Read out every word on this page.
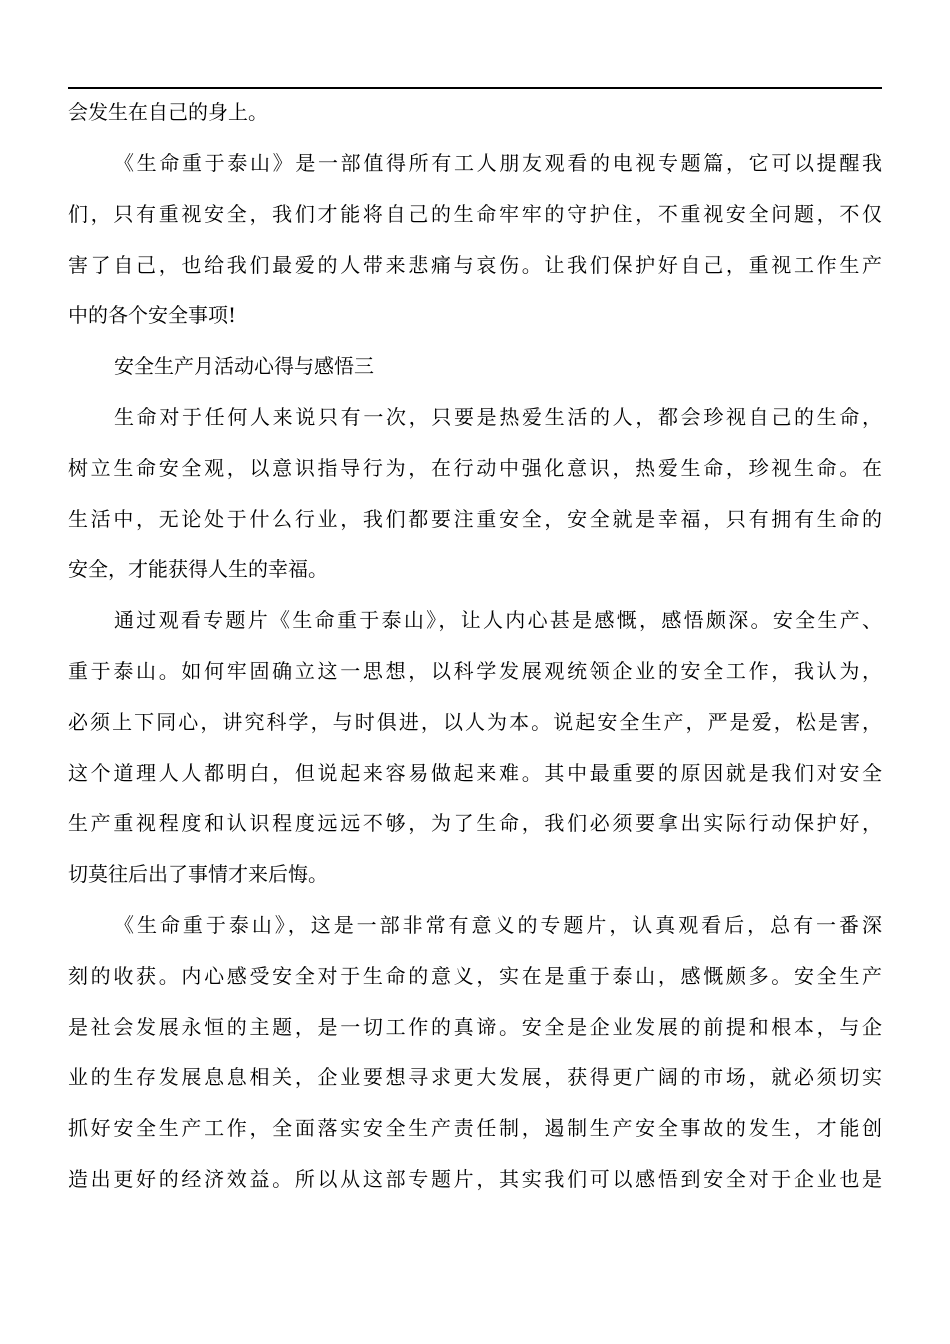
会发生在自己的身上。
《生命重于泰山》是一部值得所有工人朋友观看的电视专题篇，它可以提醒我
们，只有重视安全，我们才能将自己的生命牢牢的守护住，不重视安全问题，不仅
害了自己，也给我们最爱的人带来悲痛与哀伤。让我们保护好自己，重视工作生产
中的各个安全事项!
安全生产月活动心得与感悟三
生命对于任何人来说只有一次，只要是热爱生活的人，都会珍视自己的生命，
树立生命安全观，以意识指导行为，在行动中强化意识，热爱生命，珍视生命。在
生活中，无论处于什么行业，我们都要注重安全，安全就是幸福，只有拥有生命的
安全，才能获得人生的幸福。
通过观看专题片《生命重于泰山》，让人内心甚是感慨，感悟颇深。安全生产、
重于泰山。如何牢固确立这一思想，以科学发展观统领企业的安全工作，我认为，
必须上下同心，讲究科学，与时俱进，以人为本。说起安全生产，严是爱，松是害，
这个道理人人都明白，但说起来容易做起来难。其中最重要的原因就是我们对安全
生产重视程度和认识程度远远不够，为了生命，我们必须要拿出实际行动保护好，
切莫往后出了事情才来后悔。
《生命重于泰山》，这是一部非常有意义的专题片，认真观看后，总有一番深
刻的收获。内心感受安全对于生命的意义，实在是重于泰山，感慨颇多。安全生产
是社会发展永恒的主题，是一切工作的真谛。安全是企业发展的前提和根本，与企
业的生存发展息息相关，企业要想寻求更大发展，获得更广阔的市场，就必须切实
抓好安全生产工作，全面落实安全生产责任制，遏制生产安全事故的发生，才能创
造出更好的经济效益。所以从这部专题片，其实我们可以感悟到安全对于企业也是
